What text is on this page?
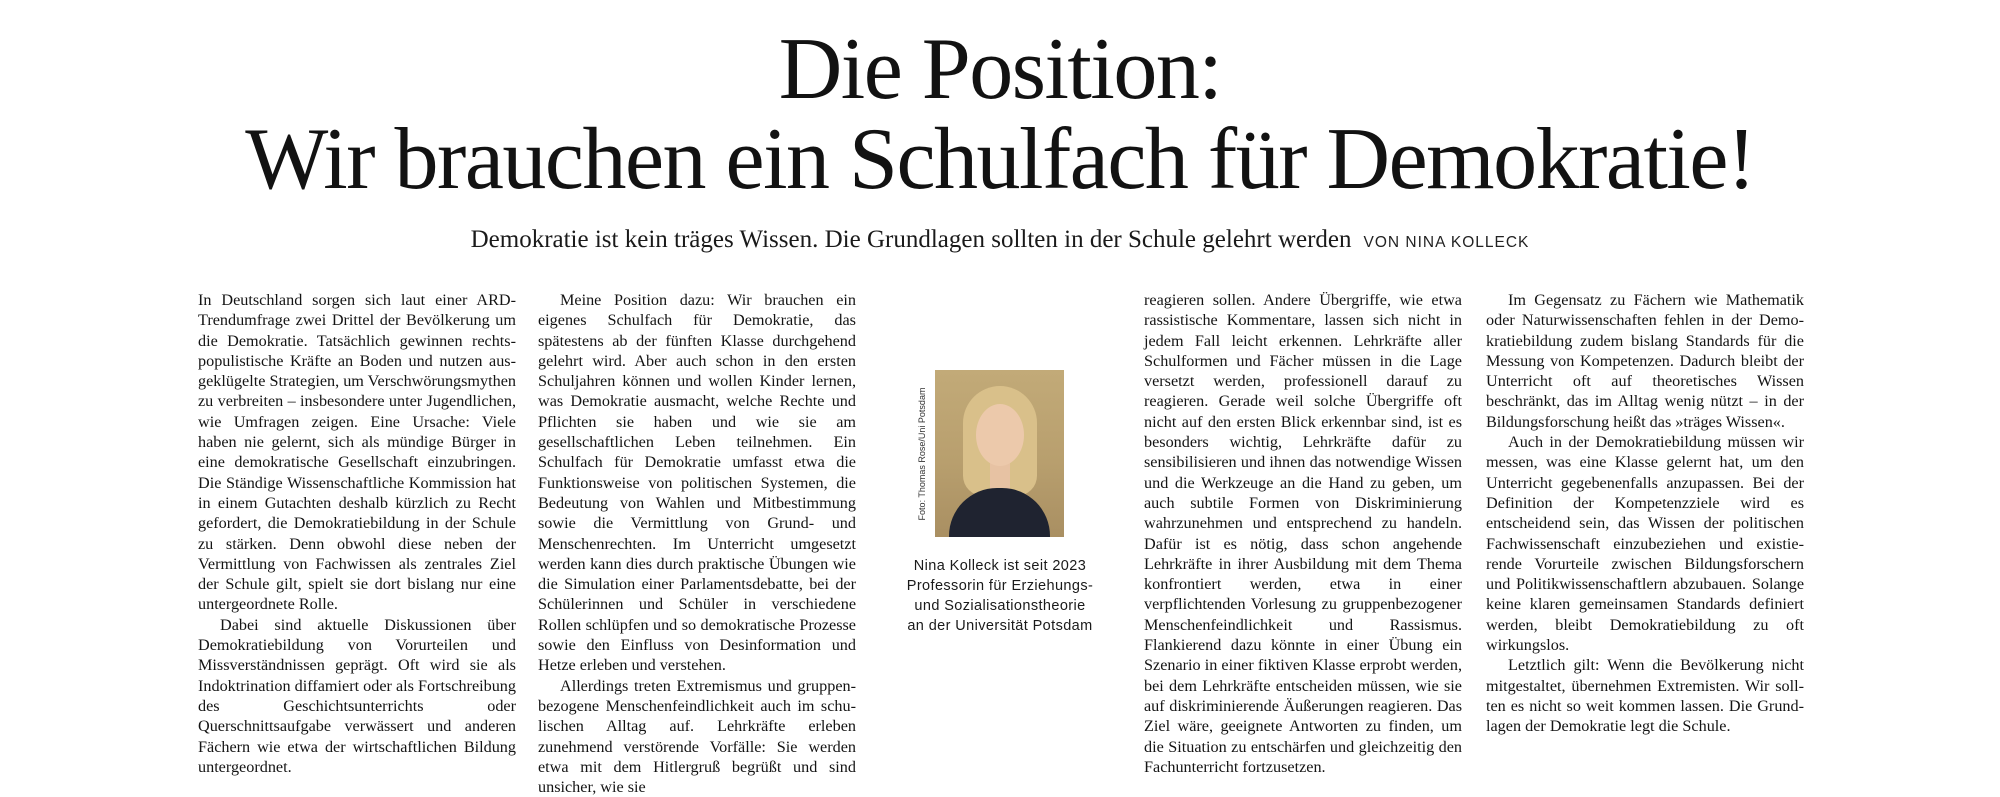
Die Position:
Wir brauchen ein Schulfach für Demokratie!
Demokratie ist kein träges Wissen. Die Grundlagen sollten in der Schule gelehrt werden VON NINA KOLLECK

In Deutschland sorgen sich laut einer ARD-Trendumfrage zwei Drittel der Bevölkerung um die Demokratie. Tatsächlich gewinnen rechtspopulistische Kräfte an Boden und nutzen ausgeklügelte Strategien, um Verschwörungsmythen zu verbreiten – insbesondere unter Jugendlichen, wie Umfragen zeigen. Eine Ursache: Viele haben nie gelernt, sich als mündige Bürger in eine demokratische Gesellschaft einzubringen. Die Ständige Wissenschaftliche Kommission hat in einem Gutachten deshalb kürzlich zu Recht gefordert, die Demokratiebildung in der Schule zu stärken. Denn obwohl diese neben der Vermittlung von Fachwissen als zentrales Ziel der Schule gilt, spielt sie dort bislang nur eine untergeordnete Rolle.

Dabei sind aktuelle Diskussionen über Demokratiebildung von Vorurteilen und Missverständnissen geprägt. Oft wird sie als Indoktrination diffamiert oder als Fortschreibung des Geschichtsunterrichts oder Querschnittsaufgabe verwässert und anderen Fächern wie etwa der wirtschaftlichen Bildung untergeordnet.

Meine Position dazu: Wir brauchen ein eigenes Schulfach für Demokratie, das spätestens ab der fünften Klasse durchgehend gelehrt wird. Aber auch schon in den ersten Schuljahren können und wollen Kinder lernen, was Demokratie ausmacht, welche Rechte und Pflichten sie haben und wie sie am gesellschaftlichen Leben teilnehmen. Ein Schulfach für Demokratie umfasst etwa die Funktionsweise von politischen Systemen, die Bedeutung von Wahlen und Mitbestimmung sowie die Vermittlung von Grund- und Menschenrechten. Im Unterricht umgesetzt werden kann dies durch praktische Übungen wie die Simulation einer Parlamentsdebatte, bei der Schülerinnen und Schüler in verschiedene Rollen schlüpfen und so demokratische Prozesse sowie den Einfluss von Desinformation und Hetze erleben und verstehen.

Allerdings treten Extremismus und gruppenbezogene Menschenfeindlichkeit auch im schulischen Alltag auf. Lehrkräfte erleben zunehmend verstörende Vorfälle: Sie werden etwa mit dem Hitlergruß begrüßt und sind unsicher, wie sie

Foto: Thomas Rose/Uni Potsdam
Nina Kolleck ist seit 2023
Professorin für Erziehungs-
und Sozialisationstheorie
an der Universität Potsdam

reagieren sollen. Andere Übergriffe, wie etwa rassistische Kommentare, lassen sich nicht in jedem Fall leicht erkennen. Lehrkräfte aller Schulformen und Fächer müssen in die Lage versetzt werden, professionell darauf zu reagieren. Gerade weil solche Übergriffe oft nicht auf den ersten Blick erkennbar sind, ist es besonders wichtig, Lehrkräfte dafür zu sensibilisieren und ihnen das notwendige Wissen und die Werkzeuge an die Hand zu geben, um auch subtile Formen von Diskriminierung wahrzunehmen und entsprechend zu handeln. Dafür ist es nötig, dass schon angehende Lehrkräfte in ihrer Ausbildung mit dem Thema konfrontiert werden, etwa in einer verpflichtenden Vorlesung zu gruppenbezogener Menschenfeindlichkeit und Rassismus. Flankierend dazu könnte in einer Übung ein Szenario in einer fiktiven Klasse erprobt werden, bei dem Lehrkräfte entscheiden müssen, wie sie auf diskriminierende Äußerungen reagieren. Das Ziel wäre, geeignete Antworten zu finden, um die Situation zu entschärfen und gleichzeitig den Fachunterricht fortzusetzen.

Im Gegensatz zu Fächern wie Mathematik oder Naturwissenschaften fehlen in der Demokratiebildung zudem bislang Standards für die Messung von Kompetenzen. Dadurch bleibt der Unterricht oft auf theoretisches Wissen beschränkt, das im Alltag wenig nützt – in der Bildungsforschung heißt das »träges Wissen«.

Auch in der Demokratiebildung müssen wir messen, was eine Klasse gelernt hat, um den Unterricht gegebenenfalls anzupassen. Bei der Definition der Kompetenzziele wird es entscheidend sein, das Wissen der politischen Fachwissenschaft einzubeziehen und existierende Vorurteile zwischen Bildungsforschern und Politikwissenschaftlern abzubauen. Solange keine klaren gemeinsamen Standards definiert werden, bleibt Demokratiebildung zu oft wirkungslos.

Letztlich gilt: Wenn die Bevölkerung nicht mitgestaltet, übernehmen Extremisten. Wir sollten es nicht so weit kommen lassen. Die Grundlagen der Demokratie legt die Schule.
